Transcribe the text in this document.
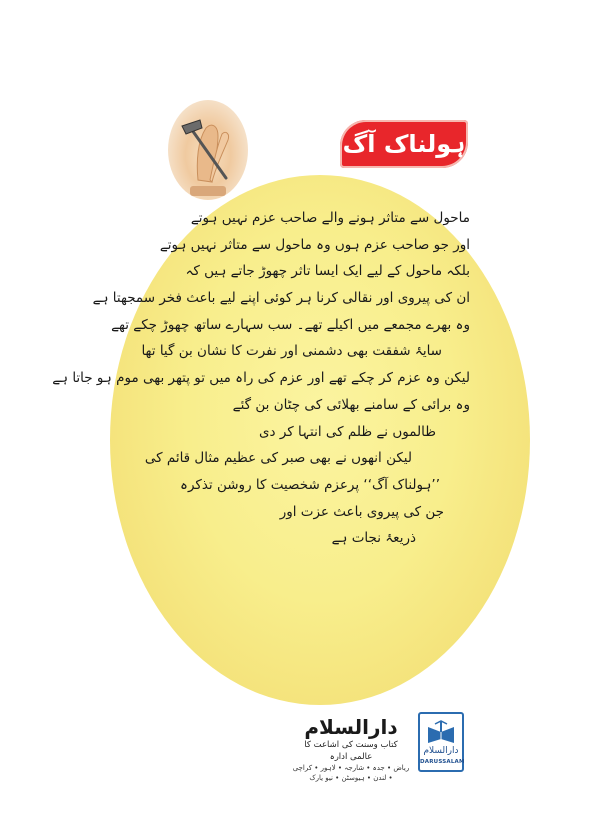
ہولناک آگ
ماحول سے متاثر ہونے والے صاحب عزم نہیں ہوتے
اور جو صاحب عزم ہوں وہ ماحول سے متاثر نہیں ہوتے
بلکہ ماحول کے لیے ایک ایسا تاثر چھوڑ جاتے ہیں کہ
ان کی پیروی اور نقالی کرنا ہر کوئی اپنے لیے باعث فخر سمجھتا ہے
وہ بھرے مجمعے میں اکیلے تھے۔ سب سہارے ساتھ چھوڑ چکے تھے
سایۂ شفقت بھی دشمنی اور نفرت کا نشان بن گیا تھا
لیکن وہ عزم کر چکے تھے اور عزم کی راہ میں تو پتھر بھی موم ہو جاتا ہے
وہ برائی کے سامنے بھلائی کی چٹان بن گئے
ظالموں نے ظلم کی انتہا کر دی
لیکن انھوں نے بھی صبر کی عظیم مثال قائم کی
’’ہولناک آگ‘‘ پرعزم شخصیت کا روشن تذکرہ
جن کی پیروی باعث عزت اور
ذریعۂ نجات ہے
دارالسلام
کتاب وسنت کی اشاعت کا عالمی ادارہ
ریاض • جدہ • شارجہ • لاہور • کراچی • لندن • ہیوسٹن • نیو یارک
دارالسلام
DARUSSALAM
